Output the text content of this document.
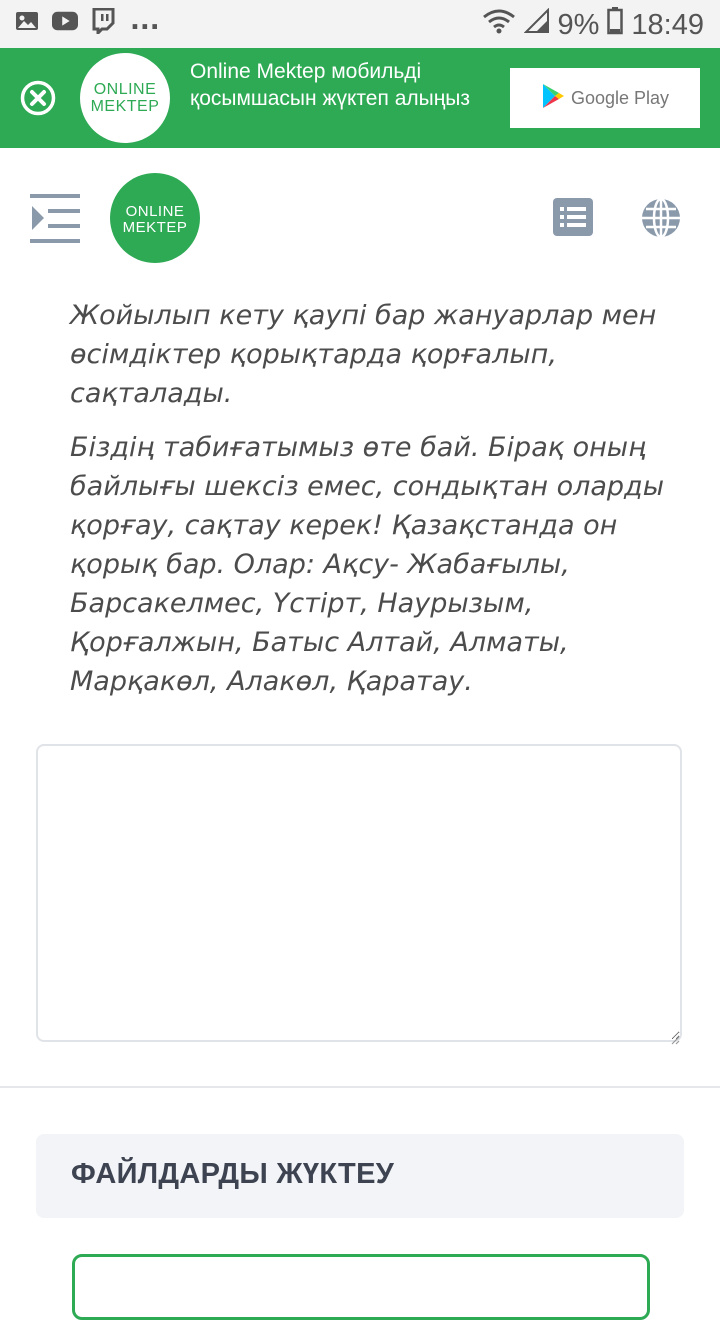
...	9% 18:49
ONLINE
MEKTEP
Online Mektep мобильді қосымшасын жүктеп алыңыз	Google Play
ONLINE
MEKTEP

Жойылып кету қаупі бар жануарлар мен өсімдіктер қорықтарда қорғалып, сақталады.

Біздің табиғатымыз өте бай. Бірақ оның байлығы шексіз емес, сондықтан оларды қорғау, сақтау керек! Қазақстанда он қорық бар. Олар: Ақсу- Жабағылы, Барсакелмес, Үстірт, Наурызым, Қорғалжын, Батыс Алтай, Алматы, Марқакөл, Алакөл, Қаратау.

ФАЙЛДАРДЫ ЖҮКТЕУ
